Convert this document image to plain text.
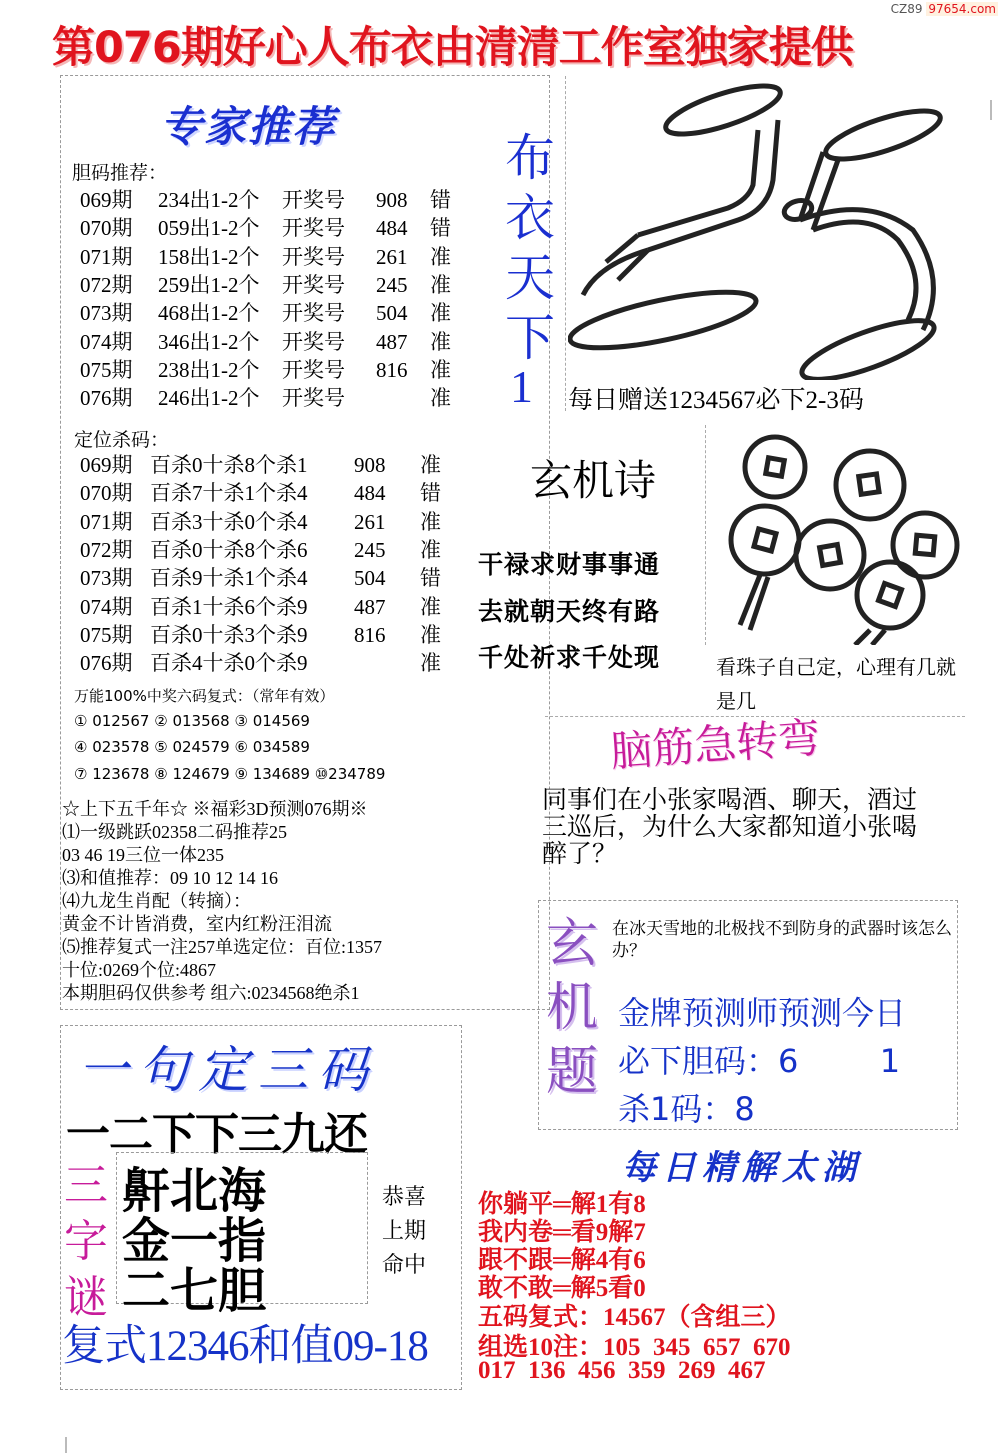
第076期好心人布衣由清清工作室独家提供
CZ89 97654.com
专家推荐
胆码推荐：
069期 234出1-2个 开奖号 908 错
070期 059出1-2个 开奖号 484 错
071期 158出1-2个 开奖号 261 准
072期 259出1-2个 开奖号 245 准
073期 468出1-2个 开奖号 504 准
074期 346出1-2个 开奖号 487 准
075期 238出1-2个 开奖号 816 准
076期 246出1-2个 开奖号	准
定位杀码：
069期 百杀0十杀8个杀1 908 准
070期 百杀7十杀1个杀4 484 错
071期 百杀3十杀0个杀4 261 准
072期 百杀0十杀8个杀6 245 准
073期 百杀9十杀1个杀4 504 错
074期 百杀1十杀6个杀9 487 准
075期 百杀0十杀3个杀9 816 准
076期 百杀4十杀0个杀9	准
万能100%中奖六码复式：（常年有效）
① 012567 ② 013568 ③ 014569
④ 023578 ⑤ 024579 ⑥ 034589
⑦ 123678 ⑧ 124679 ⑨ 134689 ⑩234789
☆上下五千年☆ ※福彩3D预测076期※
⑴一级跳跃02358二码推荐25
03 46 19三位一体235
⑶和值推荐：09 10 12 14 16
⑷九龙生肖配（转摘）：
黄金不计皆消费，室内红粉汪泪流
⑸推荐复式一注257单选定位：百位:1357
十位:0269个位:4867
本期胆码仅供参考 组六:0234568绝杀1
布衣天下
1 每日赠送1234567必下2-3码
玄机诗
干禄求财事事通
去就朝天终有路
千处祈求千处现	看珠子自己定，心理有几就是几
脑筋急转弯
同事们在小张家喝酒、聊天，酒过三巡后，为什么大家都知道小张喝醉了？
玄机题
在冰天雪地的北极找不到防身的武器时该怎么办？
金牌预测师预测今日
必下胆码：6        1
杀1码：8
每日精解太湖
你躺平═解1有8
我内卷═看9解7
跟不跟═解4有6
敢不敢═解5看0
五码复式：14567（含组三）
组选10注：105  345  657  670
017  136  456  359  269  467
一句定三码
一二下下三九还
三字谜
鼾北海
金一指
二七胆
恭喜
上期
命中
复式12346和值09-18
